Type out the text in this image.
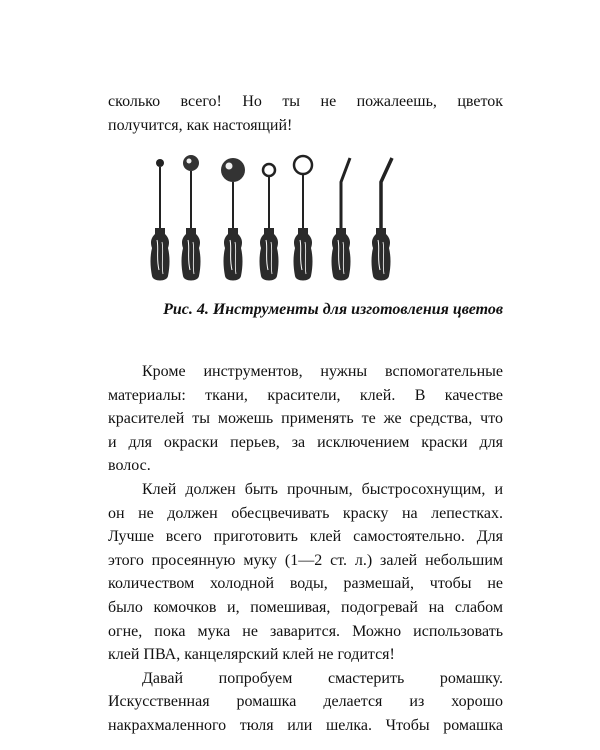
сколько всего! Но ты не пожалеешь, цветок
получится, как настоящий!
Рис. 4. Инструменты для изготовления цветов
Кроме инструментов, нужны вспомогательные
материалы: ткани, красители, клей. В качестве
красителей ты можешь применять те же средства, что
и для окраски перьев, за исключением краски для
волос.
Клей должен быть прочным, быстросохнущим, и
он не должен обесцвечивать краску на лепестках.
Лучше всего приготовить клей самостоятельно. Для
этого просеянную муку (1—2 ст. л.) залей небольшим
количеством холодной воды, размешай, чтобы не
было комочков и, помешивая, подогревай на слабом
огне, пока мука не заварится. Можно использовать
клей ПВА, канцелярский клей не годится!
Давай попробуем смастерить ромашку.
Искусственная ромашка делается из хорошо
накрахмаленного тюля или шелка. Чтобы ромашка
